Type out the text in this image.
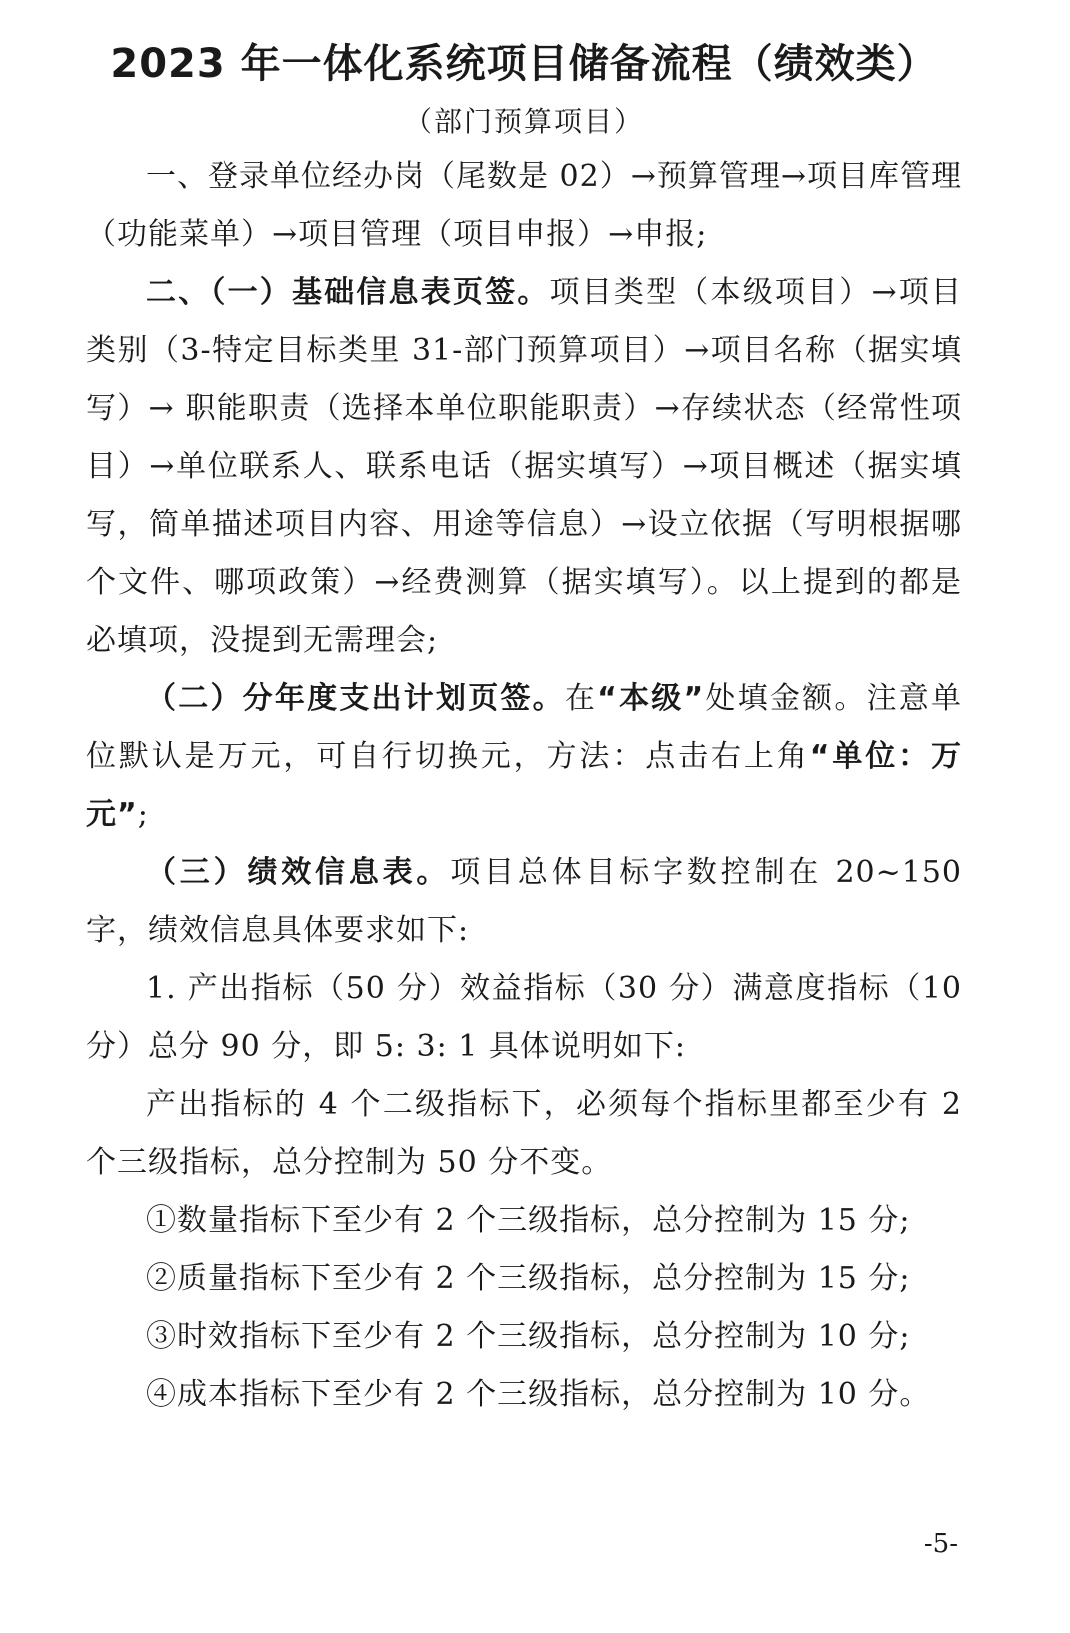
2023 年一体化系统项目储备流程（绩效类）
（部门预算项目）

一、登录单位经办岗（尾数是 02）→预算管理→项目库管理（功能菜单）→项目管理（项目申报）→申报;

二、（一）基础信息表页签。项目类型（本级项目）→项目类别（3-特定目标类里 31-部门预算项目）→项目名称（据实填写）→ 职能职责（选择本单位职能职责）→存续状态（经常性项目）→单位联系人、联系电话（据实填写）→项目概述（据实填写，简单描述项目内容、用途等信息）→设立依据（写明根据哪个文件、哪项政策）→经费测算（据实填写）。以上提到的都是必填项，没提到无需理会;

（二）分年度支出计划页签。在“本级”处填金额。注意单位默认是万元，可自行切换元，方法：点击右上角“单位：万元”;

（三）绩效信息表。项目总体目标字数控制在 20~150 字，绩效信息具体要求如下:

1. 产出指标（50 分）效益指标（30 分）满意度指标（10 分）总分 90 分，即 5: 3: 1 具体说明如下:

产出指标的 4 个二级指标下，必须每个指标里都至少有 2 个三级指标，总分控制为 50 分不变。

①数量指标下至少有 2 个三级指标，总分控制为 15 分;

②质量指标下至少有 2 个三级指标，总分控制为 15 分;

③时效指标下至少有 2 个三级指标，总分控制为 10 分;

④成本指标下至少有 2 个三级指标，总分控制为 10 分。

-5-
